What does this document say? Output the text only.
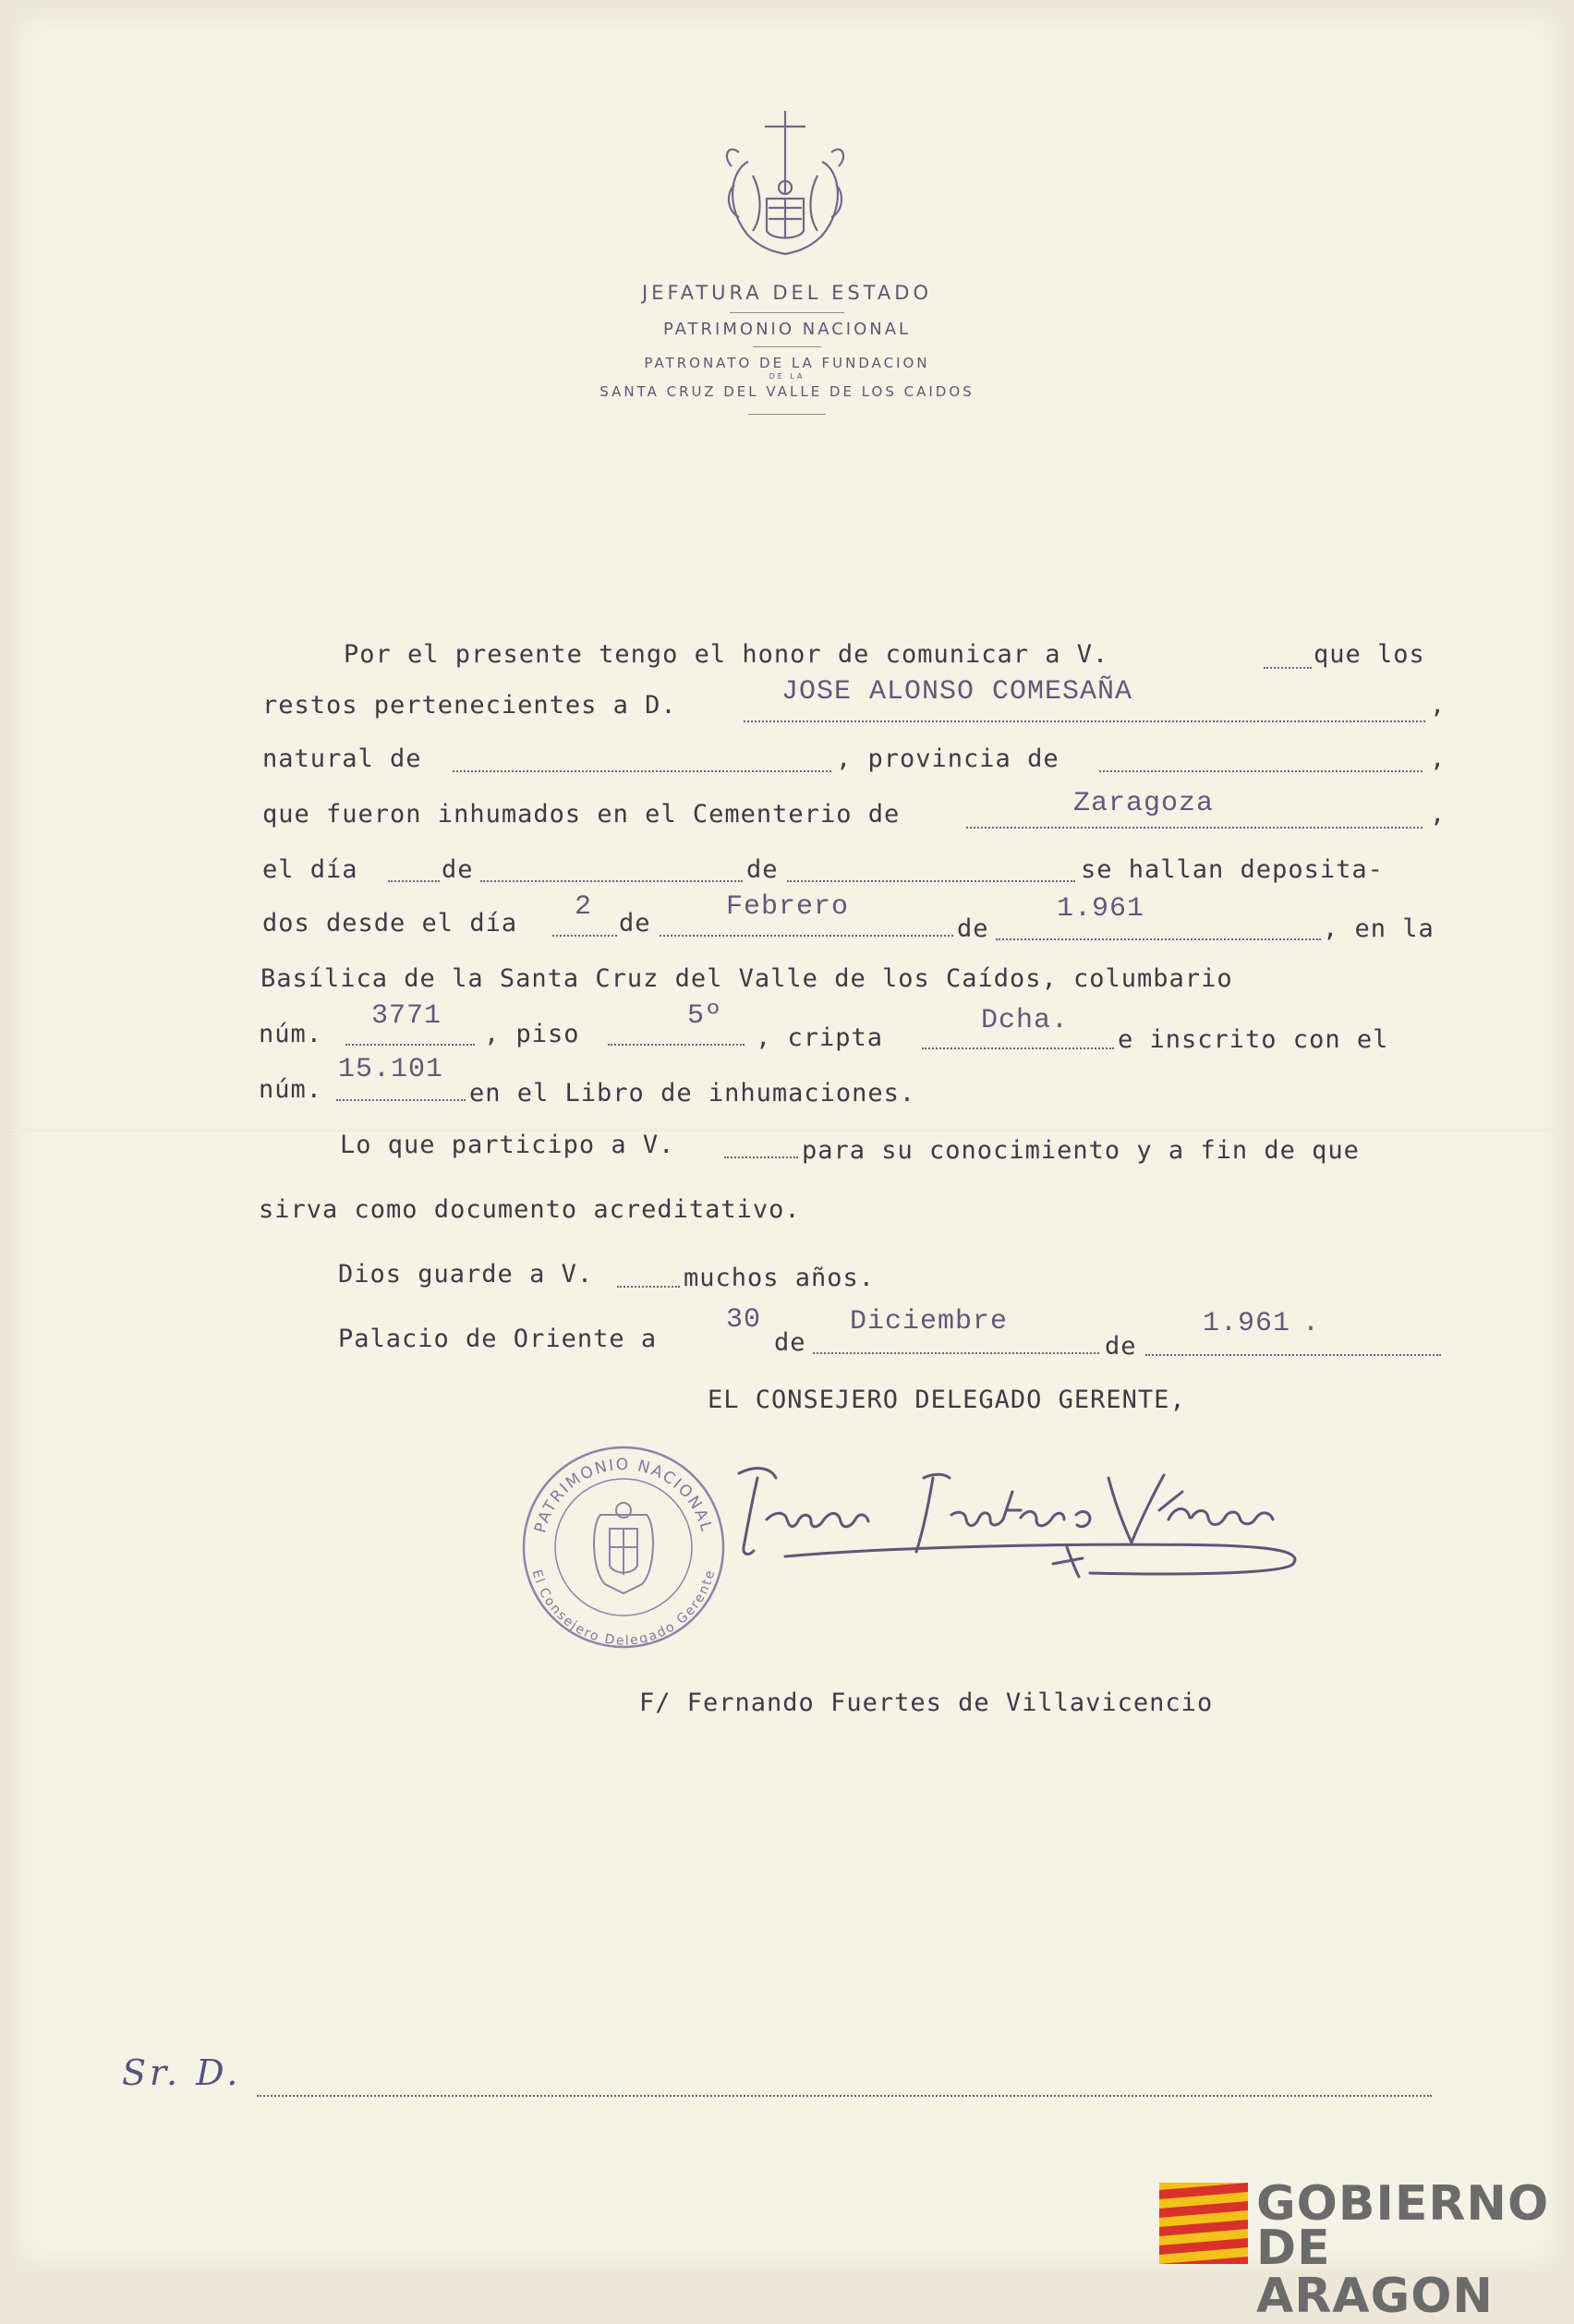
JEFATURA DEL ESTADO
PATRIMONIO NACIONAL
PATRONATO DE LA FUNDACION
DE LA
SANTA CRUZ DEL VALLE DE LOS CAIDOS
Por el presente tengo el honor de comunicar a V.	que los
restos pertenecientes a D.	JOSE ALONSO COMESAÑA	,
natural de	, provincia de	,
que fueron inhumados en el Cementerio de	Zaragoza	,
el día	de	de	se hallan deposita-
dos desde el día
2
de
Febrero
de
1.961
, en la
Basílica de la Santa Cruz del Valle de los Caídos, columbario
núm.
3771
, piso
5º
, cripta
Dcha.
e inscrito con el
núm.
15.101
en el Libro de inhumaciones.
Lo que participo a V.	para su conocimiento y a fin de que
sirva como documento acreditativo.
Dios guarde a V.	muchos años.
Palacio de Oriente a
30
de
Diciembre
de
1.961 .
EL CONSEJERO DELEGADO GERENTE,
PATRIMONIO NACIONAL
El Consejero Delegado Gerente
F/ Fernando Fuertes de Villavicencio
Sr. D.
GOBIERNO
DE ARAGON
